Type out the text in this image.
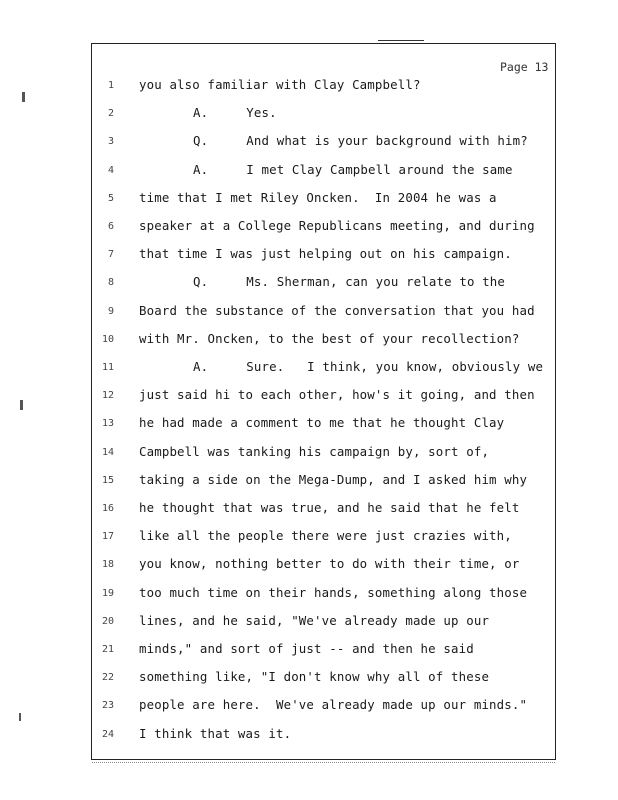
Page 13
1 you also familiar with Clay Campbell?
2	A.     Yes.
3	Q.     And what is your background with him?
4	A.     I met Clay Campbell around the same
5 time that I met Riley Oncken.  In 2004 he was a
6 speaker at a College Republicans meeting, and during
7 that time I was just helping out on his campaign.
8	Q.     Ms. Sherman, can you relate to the
9 Board the substance of the conversation that you had
10 with Mr. Oncken, to the best of your recollection?
11	A.     Sure.   I think, you know, obviously we
12 just said hi to each other, how's it going, and then
13 he had made a comment to me that he thought Clay
14 Campbell was tanking his campaign by, sort of,
15 taking a side on the Mega-Dump, and I asked him why
16 he thought that was true, and he said that he felt
17 like all the people there were just crazies with,
18 you know, nothing better to do with their time, or
19 too much time on their hands, something along those
20 lines, and he said, "We've already made up our
21 minds," and sort of just -- and then he said
22 something like, "I don't know why all of these
23 people are here.  We've already made up our minds."
24 I think that was it.
